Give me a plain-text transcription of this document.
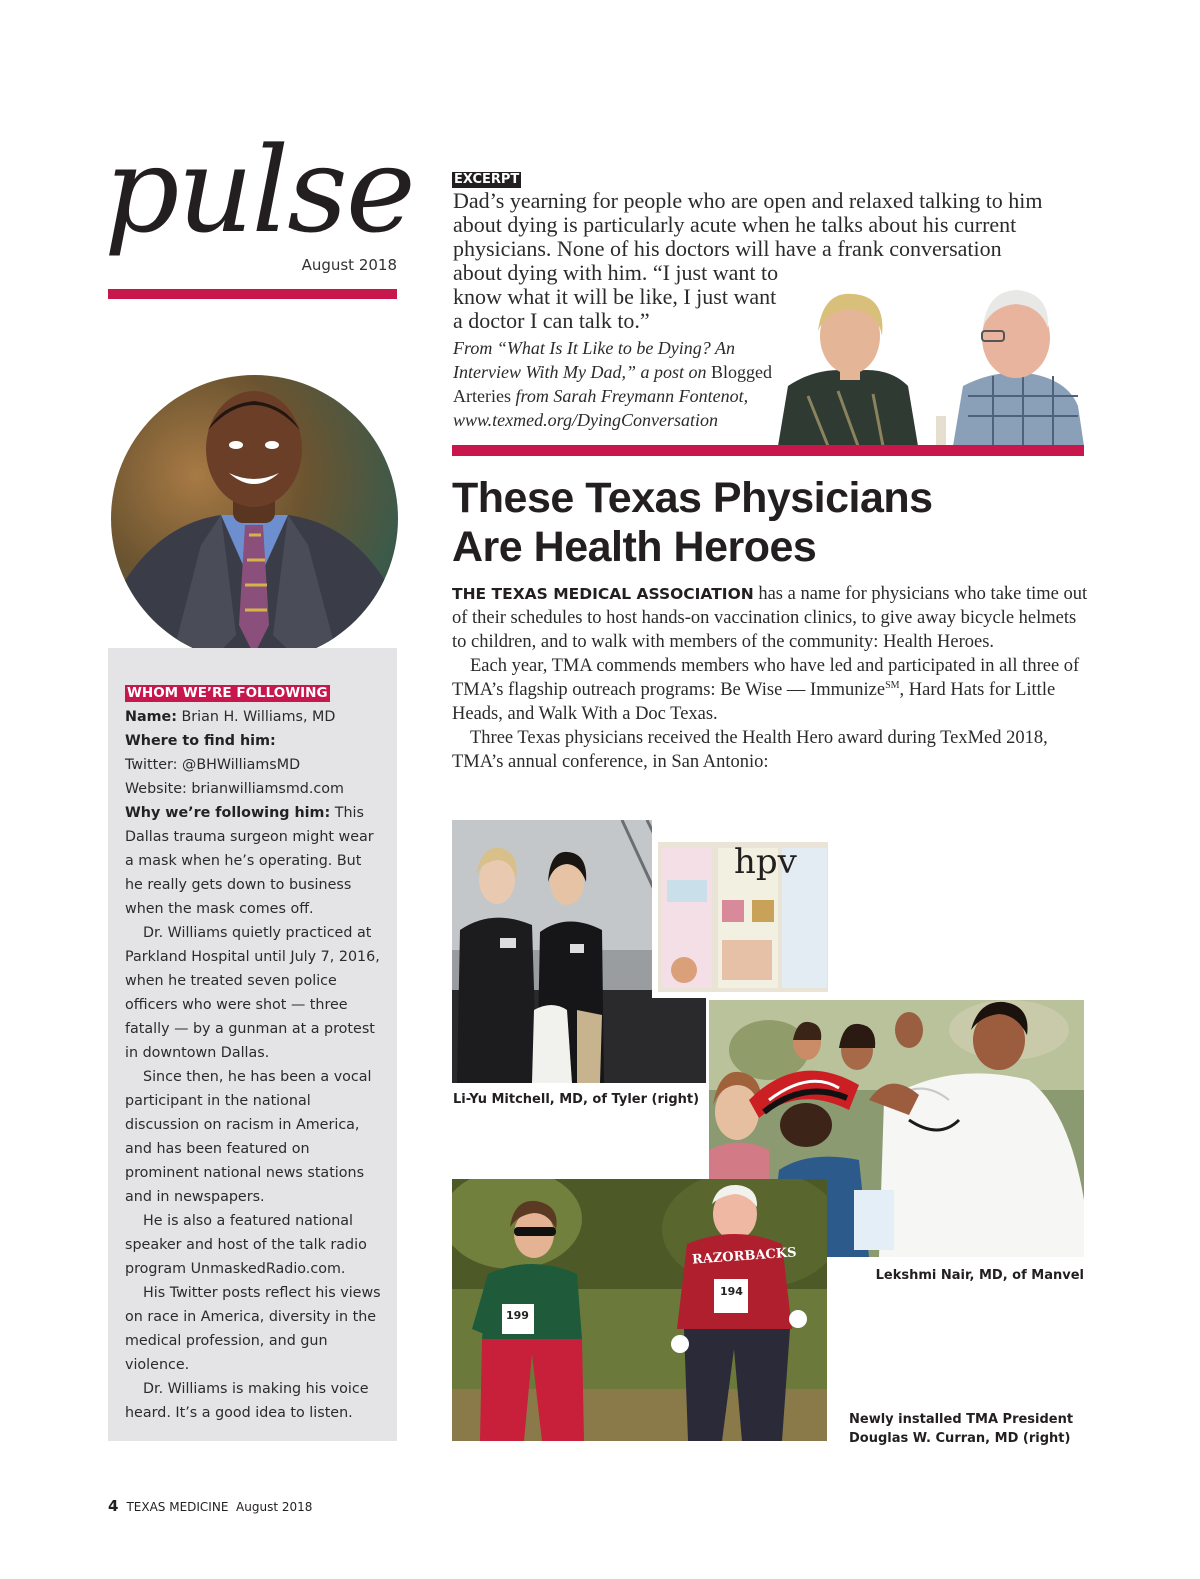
pulse
August 2018
WHOM WE’RE FOLLOWING

Name: Brian H. Williams, MD

Where to find him:

Twitter: @BHWilliamsMD

Website: brianwilliamsmd.com

Why we’re following him: This Dallas trauma surgeon might wear a mask when he’s operating. But he really gets down to business when the mask comes off.

Dr. Williams quietly practiced at Parkland Hospital until July 7, 2016, when he treated seven police officers who were shot — three fatally — by a gunman at a protest in downtown Dallas.

Since then, he has been a vocal participant in the national discussion on racism in America, and has been featured on prominent national news stations and in newspapers.

He is also a featured national speaker and host of the talk radio program UnmaskedRadio.com.

His Twitter posts reflect his views on race in America, diversity in the medical profession, and gun violence.

Dr. Williams is making his voice heard. It’s a good idea to listen.

EXCERPT
Dad’s yearning for people who are open and relaxed talking to him
about dying is particularly acute when he talks about his current
physicians. None of his doctors will have a frank conversation
about dying with him. “I just want to
know what it will be like, I just want
a doctor I can talk to.”
From “What Is It Like to be Dying? An
Interview With My Dad,” a post on Blogged
Arteries from Sarah Freymann Fontenot,
www.texmed.org/DyingConversation
These Texas Physicians
Are Health Heroes

THE TEXAS MEDICAL ASSOCIATION has a name for physicians who take time out of their schedules to host hands-on vaccination clinics, to give away bicycle helmets to children, and to walk with members of the community: Health Heroes.

Each year, TMA commends members who have led and participated in all three of TMA’s flagship outreach programs: Be Wise — Immunize℠, Hard Hats for Little Heads, and Walk With a Doc Texas.

Three Texas physicians received the Health Hero award during TexMed 2018, TMA’s annual conference, in San Antonio:

hpv
Li-Yu Mitchell, MD, of Tyler (right)
Lekshmi Nair, MD, of Manvel
199
194
RAZORBACKS
Newly installed TMA President
Douglas W. Curran, MD (right)
4 TEXAS MEDICINE August 2018
